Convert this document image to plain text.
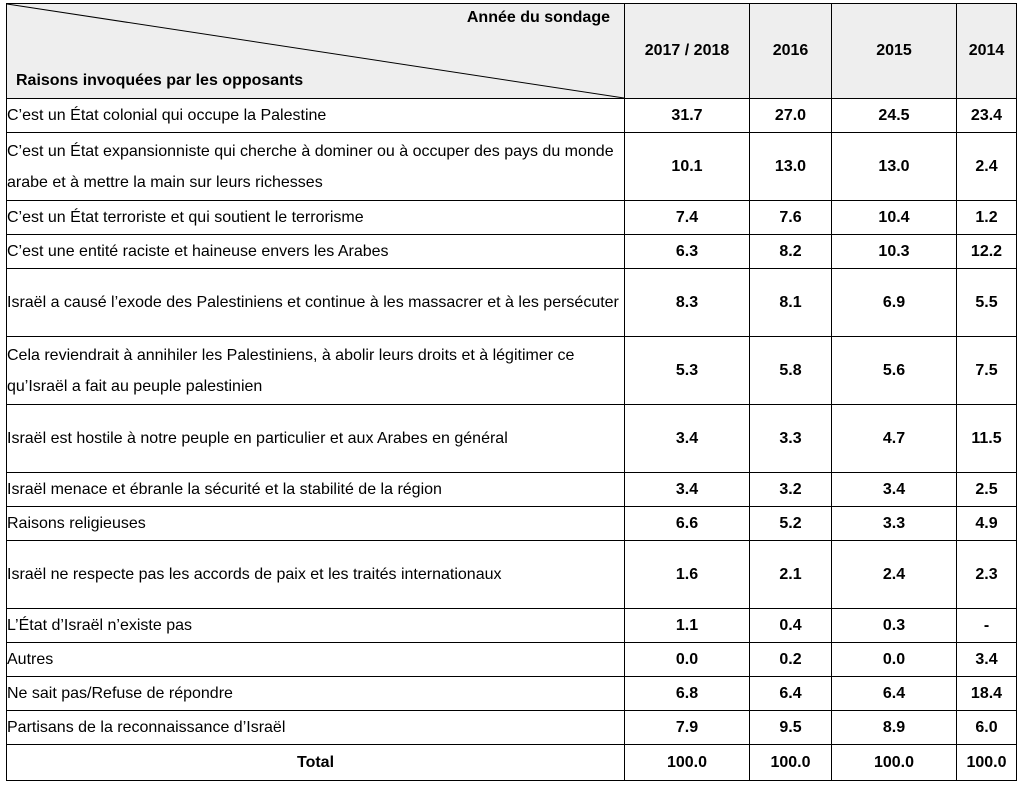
Année du sondage
Raisons invoquées par les opposants	2017 / 2018	2016	2015	2014
C’est un État colonial qui occupe la Palestine	31.7	27.0	24.5	23.4
C’est un État expansionniste qui cherche à dominer ou à occuper des pays du monde arabe et à mettre la main sur leurs richesses	10.1	13.0	13.0	2.4
C’est un État terroriste et qui soutient le terrorisme	7.4	7.6	10.4	1.2
C’est une entité raciste et haineuse envers les Arabes	6.3	8.2	10.3	12.2
Israël a causé l’exode des Palestiniens et continue à les massacrer et à les persécuter	8.3	8.1	6.9	5.5
Cela reviendrait à annihiler les Palestiniens, à abolir leurs droits et à légitimer ce qu’Israël a fait au peuple palestinien	5.3	5.8	5.6	7.5
Israël est hostile à notre peuple en particulier et aux Arabes en général	3.4	3.3	4.7	11.5
Israël menace et ébranle la sécurité et la stabilité de la région	3.4	3.2	3.4	2.5
Raisons religieuses	6.6	5.2	3.3	4.9
Israël ne respecte pas les accords de paix et les traités internationaux	1.6	2.1	2.4	2.3
L’État d’Israël n’existe pas	1.1	0.4	0.3	-
Autres	0.0	0.2	0.0	3.4
Ne sait pas/Refuse de répondre	6.8	6.4	6.4	18.4
Partisans de la reconnaissance d’Israël	7.9	9.5	8.9	6.0
Total	100.0	100.0	100.0	100.0
